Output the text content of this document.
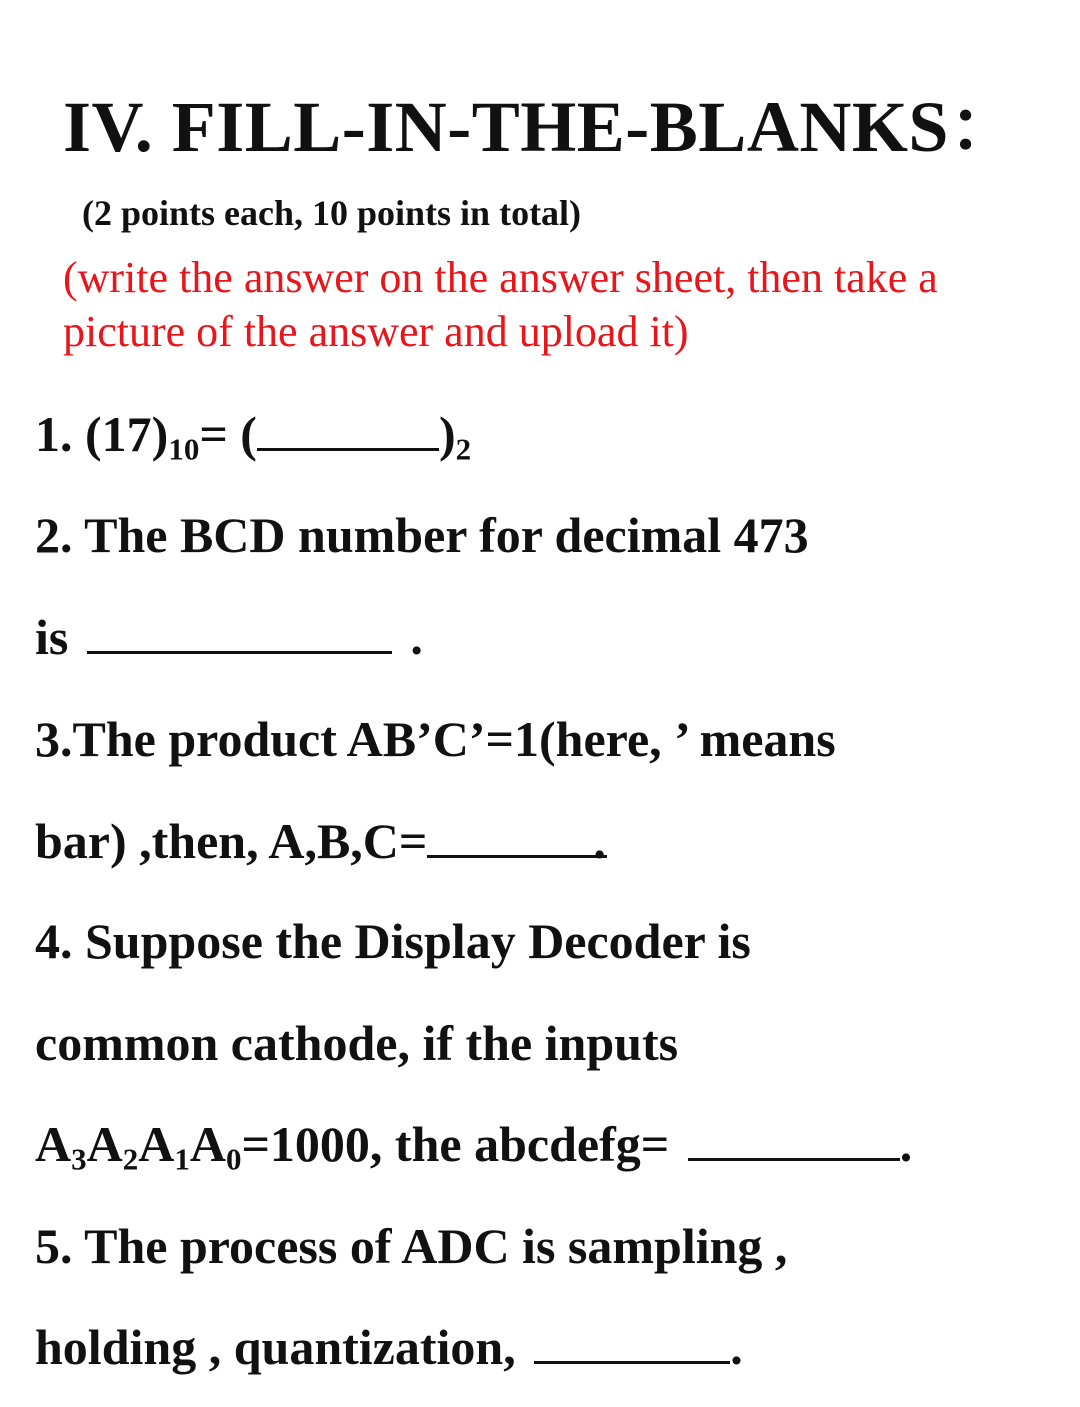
IV. FILL-IN-THE-BLANKS：
(2 points each, 10 points in total)
(write the answer on the answer sheet, then take a
picture of the answer and upload it)
1. $(17)_{10}=$ (	)$_2$
2. The BCD number for decimal 473
is	.
3.The product AB’C’=1(here, ’ means
bar) ,then, A,B,C=	.
4. Suppose the Display Decoder is
common cathode, if the inputs
$A_3A_2A_1A_0=1000$, the abcdefg=	.
5. The process of ADC is sampling ,
holding , quantization,	.
